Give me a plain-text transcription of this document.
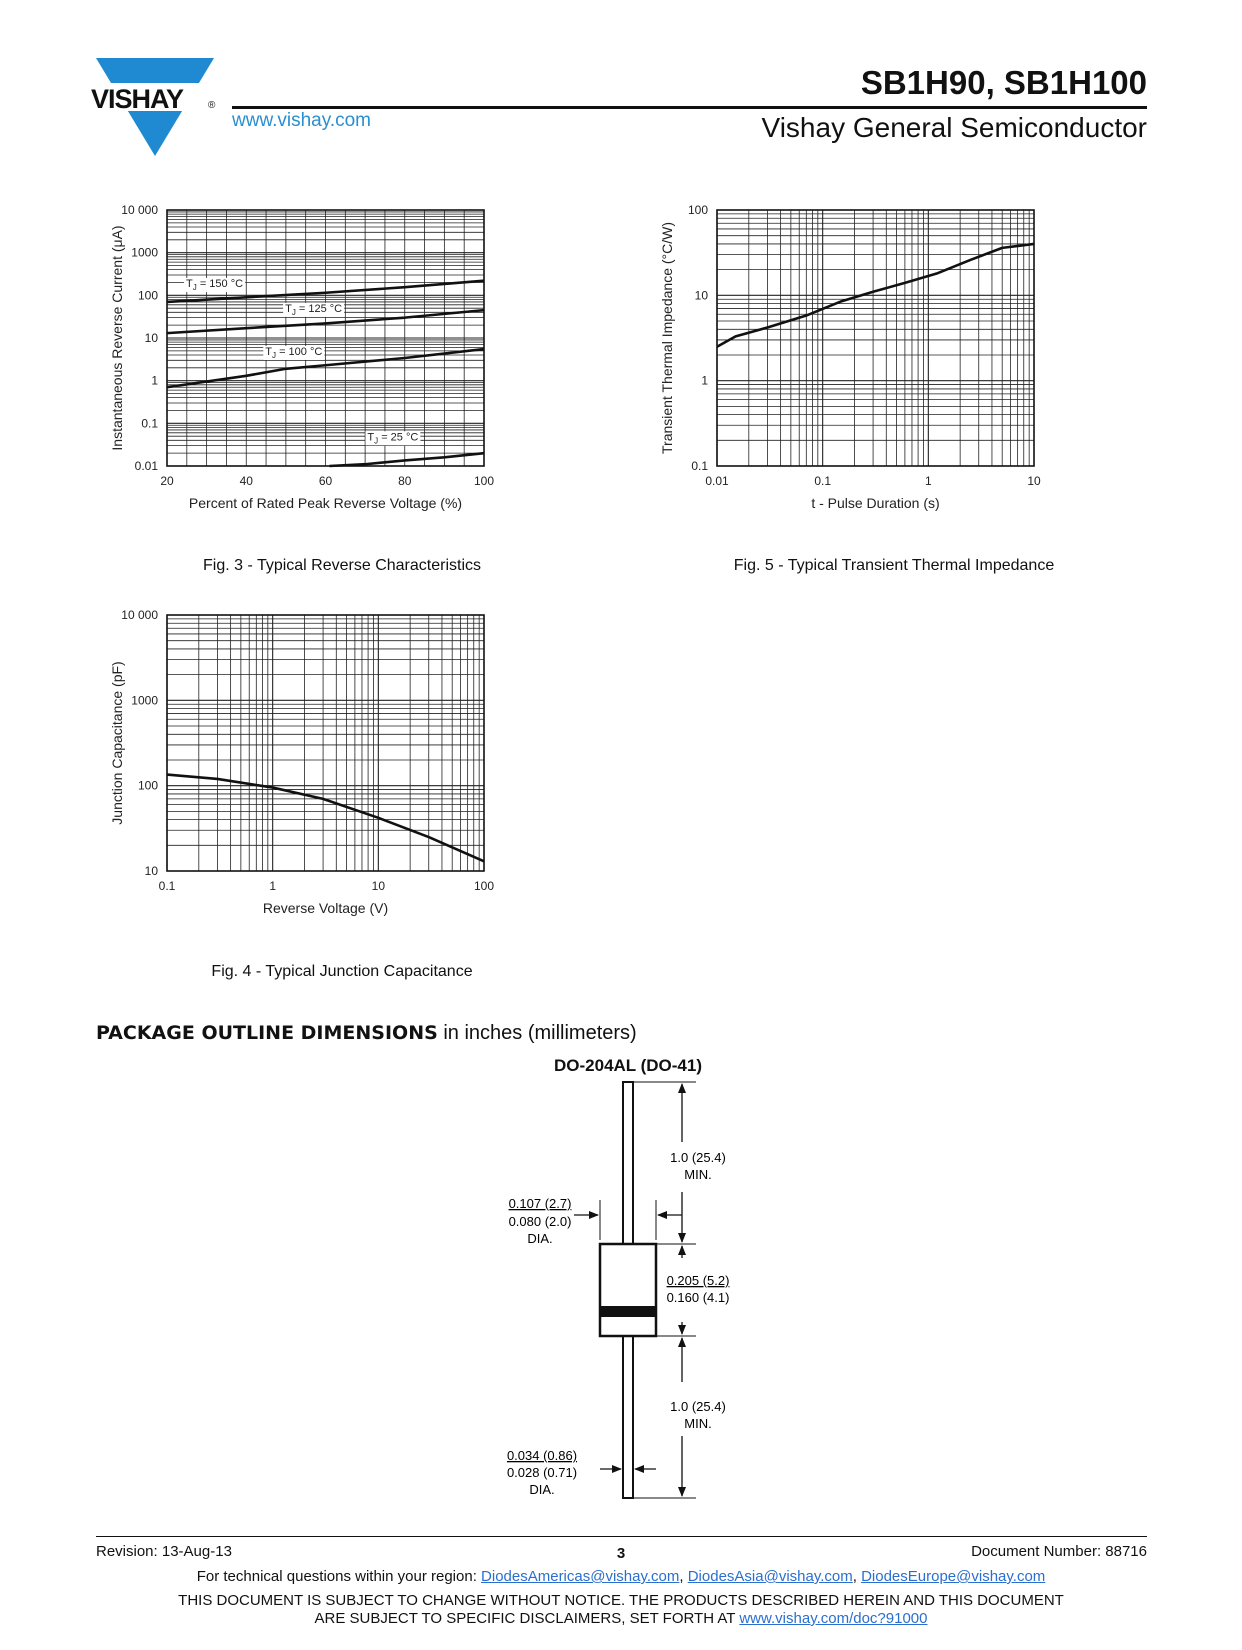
VISHAY ®
www.vishay.com
SB1H90, SB1H100
Vishay General Semiconductor
0.01
0.1
1
10
100
1000
10 000
20	40	60	80	100
Percent of Rated Peak Reverse Voltage (%)
Instantaneous Reverse Current (μA)	$T_J = 150$ °C
$T_J = 125$ °C
$T_J = 100$ °C
$T_J = 25$ °C
0.1
1
10
100
0.01	0.1	1	10
t - Pulse Duration (s)
Transient Thermal Impedance (°C/W)
10
100
1000
10 000
0.1	1	10	100
Reverse Voltage (V)
Junction Capacitance (pF)
Fig. 3 - Typical Reverse Characteristics	Fig. 5 - Typical Transient Thermal Impedance
Fig. 4 - Typical Junction Capacitance
PACKAGE OUTLINE DIMENSIONS in inches (millimeters)
DO-204AL (DO-41)
1.0 (25.4)
MIN.
0.107 (2.7)
0.080 (2.0)
DIA.
0.205 (5.2)
0.160 (4.1)
1.0 (25.4)
MIN.
0.034 (0.86)
0.028 (0.71)
DIA.
Revision: 13-Aug-13	3	Document Number: 88716
For technical questions within your region: DiodesAmericas@vishay.com, DiodesAsia@vishay.com, DiodesEurope@vishay.com
THIS DOCUMENT IS SUBJECT TO CHANGE WITHOUT NOTICE. THE PRODUCTS DESCRIBED HEREIN AND THIS DOCUMENT
ARE SUBJECT TO SPECIFIC DISCLAIMERS, SET FORTH AT www.vishay.com/doc?91000
